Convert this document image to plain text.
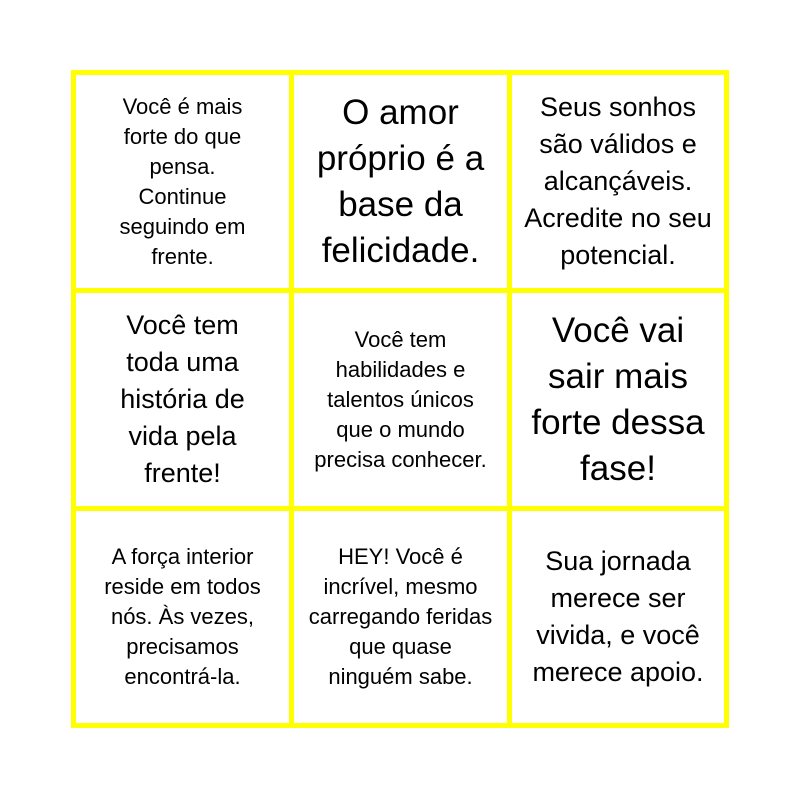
Você é mais forte do que pensa. Continue seguindo em frente.
O amor próprio é a base da felicidade.
Seus sonhos são válidos e alcançáveis. Acredite no seu potencial.
Você tem toda uma história de vida pela frente!
Você tem habilidades e talentos únicos que o mundo precisa conhecer.
Você vai sair mais forte dessa fase!
A força interior reside em todos nós. Às vezes, precisamos encontrá-la.
HEY! Você é incrível, mesmo carregando feridas que quase ninguém sabe.
Sua jornada merece ser vivida, e você merece apoio.
